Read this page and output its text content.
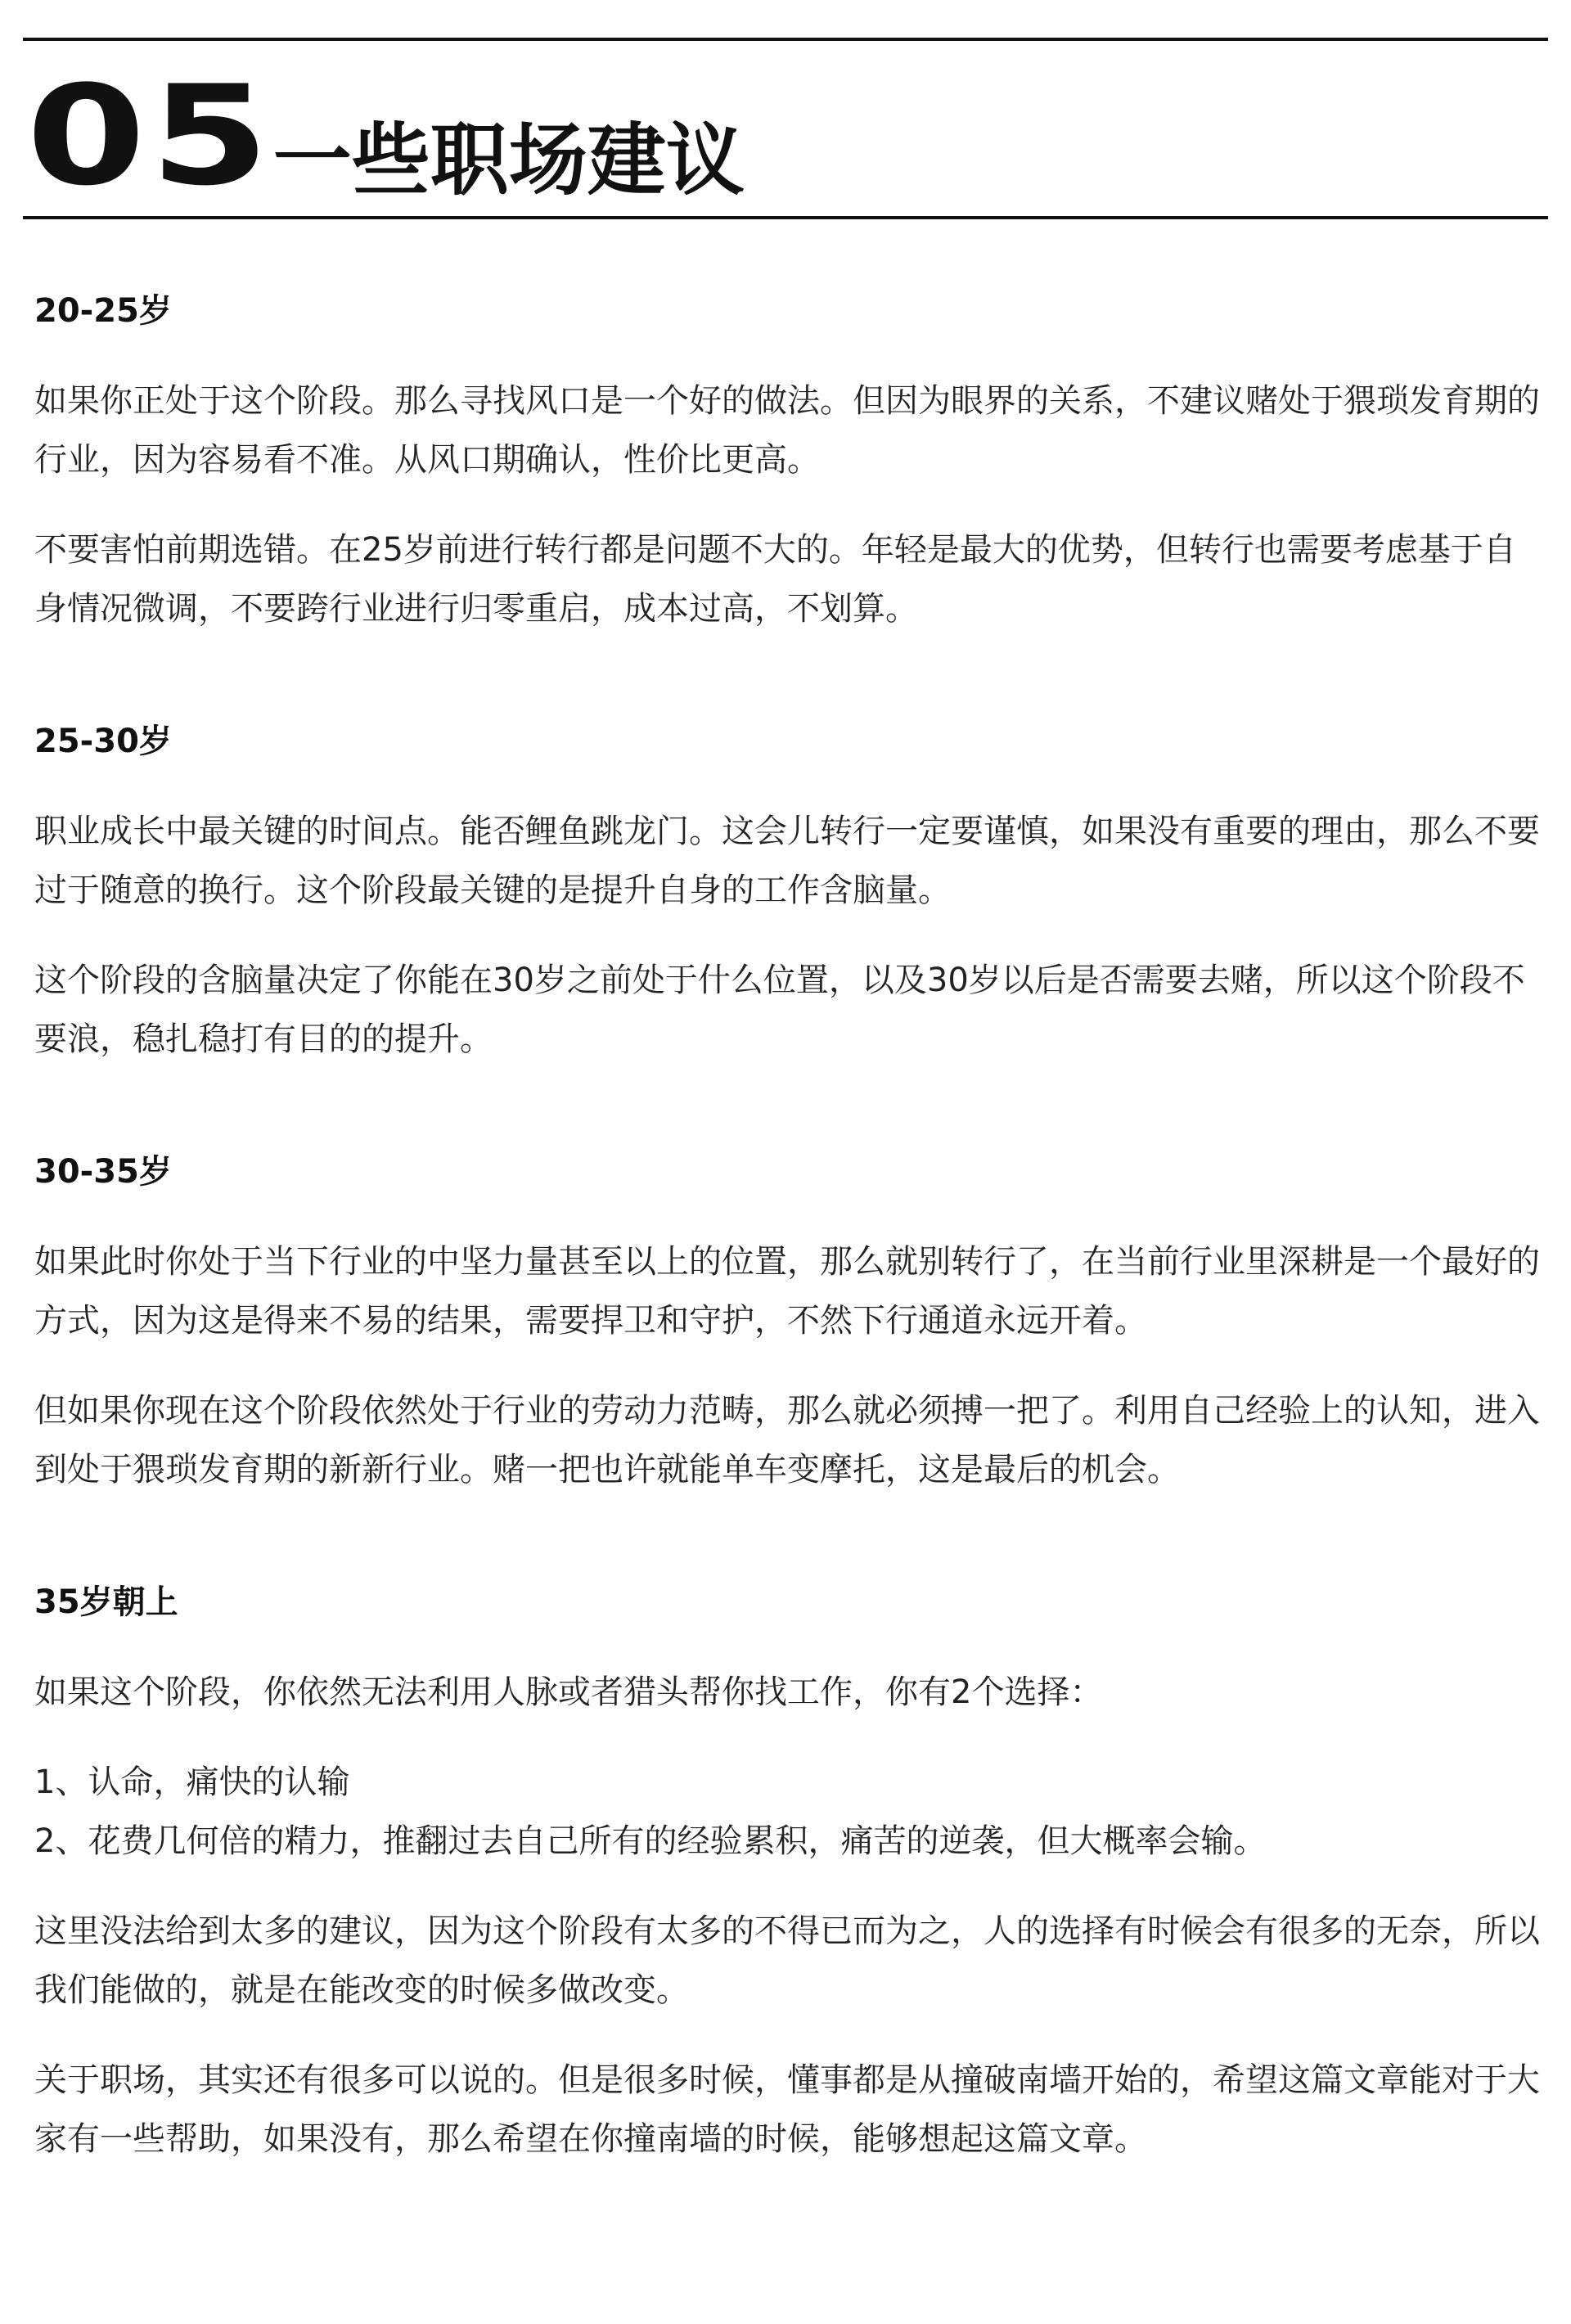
05 一些职场建议
20-25岁

如果你正处于这个阶段。那么寻找风口是一个好的做法。但因为眼界的关系，不建议赌处于猥琐发育期的行业，因为容易看不准。从风口期确认，性价比更高。

不要害怕前期选错。在25岁前进行转行都是问题不大的。年轻是最大的优势，但转行也需要考虑基于自身情况微调，不要跨行业进行归零重启，成本过高，不划算。

25-30岁

职业成长中最关键的时间点。能否鲤鱼跳龙门。这会儿转行一定要谨慎，如果没有重要的理由，那么不要过于随意的换行。这个阶段最关键的是提升自身的工作含脑量。

这个阶段的含脑量决定了你能在30岁之前处于什么位置，以及30岁以后是否需要去赌，所以这个阶段不要浪，稳扎稳打有目的的提升。

30-35岁

如果此时你处于当下行业的中坚力量甚至以上的位置，那么就别转行了，在当前行业里深耕是一个最好的方式，因为这是得来不易的结果，需要捍卫和守护，不然下行通道永远开着。

但如果你现在这个阶段依然处于行业的劳动力范畴，那么就必须搏一把了。利用自己经验上的认知，进入到处于猥琐发育期的新新行业。赌一把也许就能单车变摩托，这是最后的机会。

35岁朝上

如果这个阶段，你依然无法利用人脉或者猎头帮你找工作，你有2个选择：

1、认命，痛快的认输

2、花费几何倍的精力，推翻过去自己所有的经验累积，痛苦的逆袭，但大概率会输。

这里没法给到太多的建议，因为这个阶段有太多的不得已而为之，人的选择有时候会有很多的无奈，所以我们能做的，就是在能改变的时候多做改变。

关于职场，其实还有很多可以说的。但是很多时候，懂事都是从撞破南墙开始的，希望这篇文章能对于大家有一些帮助，如果没有，那么希望在你撞南墙的时候，能够想起这篇文章。
